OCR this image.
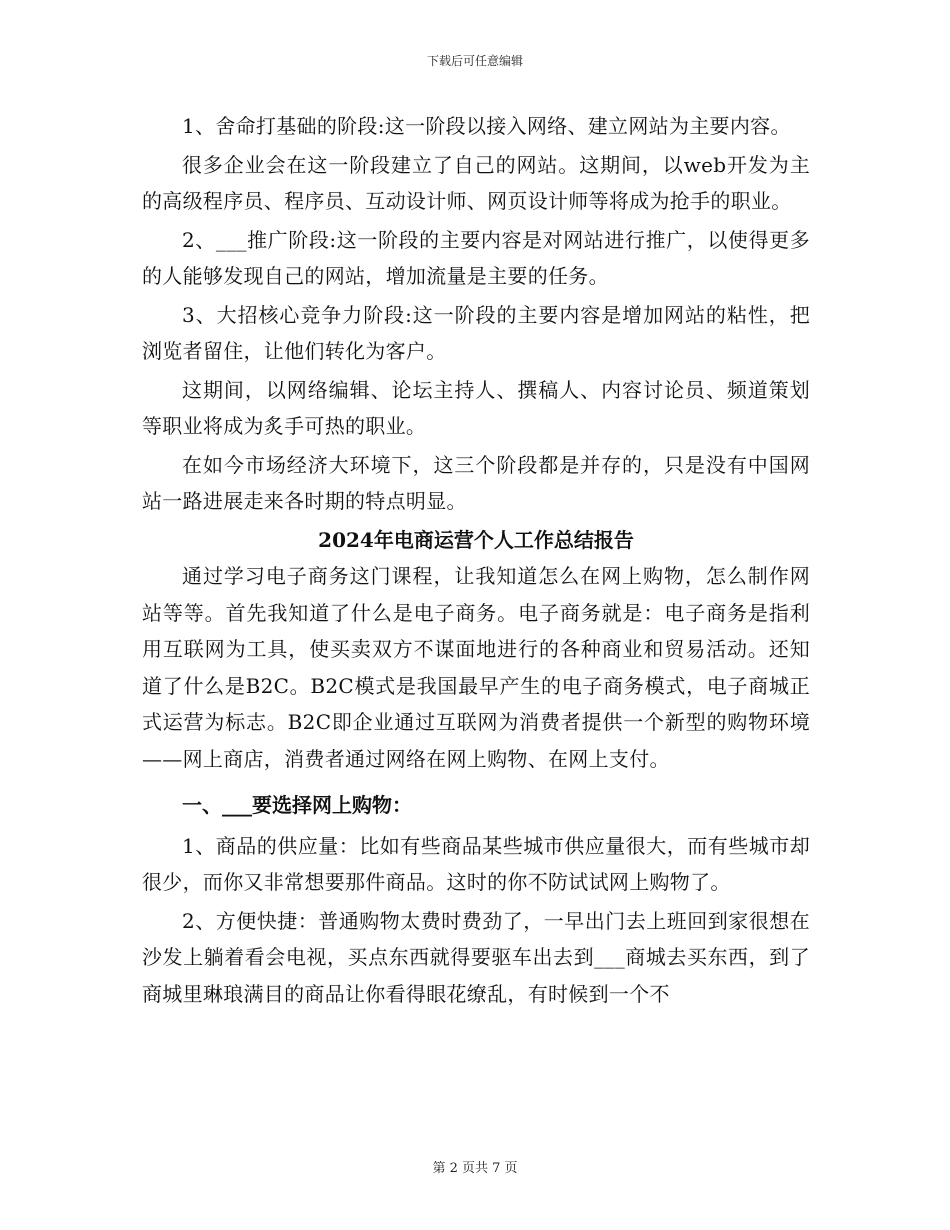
下载后可任意编辑

1、舍命打基础的阶段:这一阶段以接入网络、建立网站为主要内容。

很多企业会在这一阶段建立了自己的网站。这期间，以web开发为主的高级程序员、程序员、互动设计师、网页设计师等将成为抢手的职业。

2、___推广阶段:这一阶段的主要内容是对网站进行推广，以使得更多的人能够发现自己的网站，增加流量是主要的任务。

3、大招核心竞争力阶段:这一阶段的主要内容是增加网站的粘性，把浏览者留住，让他们转化为客户。

这期间，以网络编辑、论坛主持人、撰稿人、内容讨论员、频道策划等职业将成为炙手可热的职业。

在如今市场经济大环境下，这三个阶段都是并存的，只是没有中国网站一路进展走来各时期的特点明显。

2024年电商运营个人工作总结报告

通过学习电子商务这门课程，让我知道怎么在网上购物，怎么制作网站等等。首先我知道了什么是电子商务。电子商务就是：电子商务是指利用互联网为工具，使买卖双方不谋面地进行的各种商业和贸易活动。还知道了什么是B2C。B2C模式是我国最早产生的电子商务模式，电子商城正式运营为标志。B2C即企业通过互联网为消费者提供一个新型的购物环境——网上商店，消费者通过网络在网上购物、在网上支付。

一、___要选择网上购物：

1、商品的供应量：比如有些商品某些城市供应量很大，而有些城市却很少，而你又非常想要那件商品。这时的你不防试试网上购物了。

2、方便快捷：普通购物太费时费劲了，一早出门去上班回到家很想在沙发上躺着看会电视，买点东西就得要驱车出去到___商城去买东西，到了商城里琳琅满目的商品让你看得眼花缭乱，有时候到一个不

第 2 页共 7 页
